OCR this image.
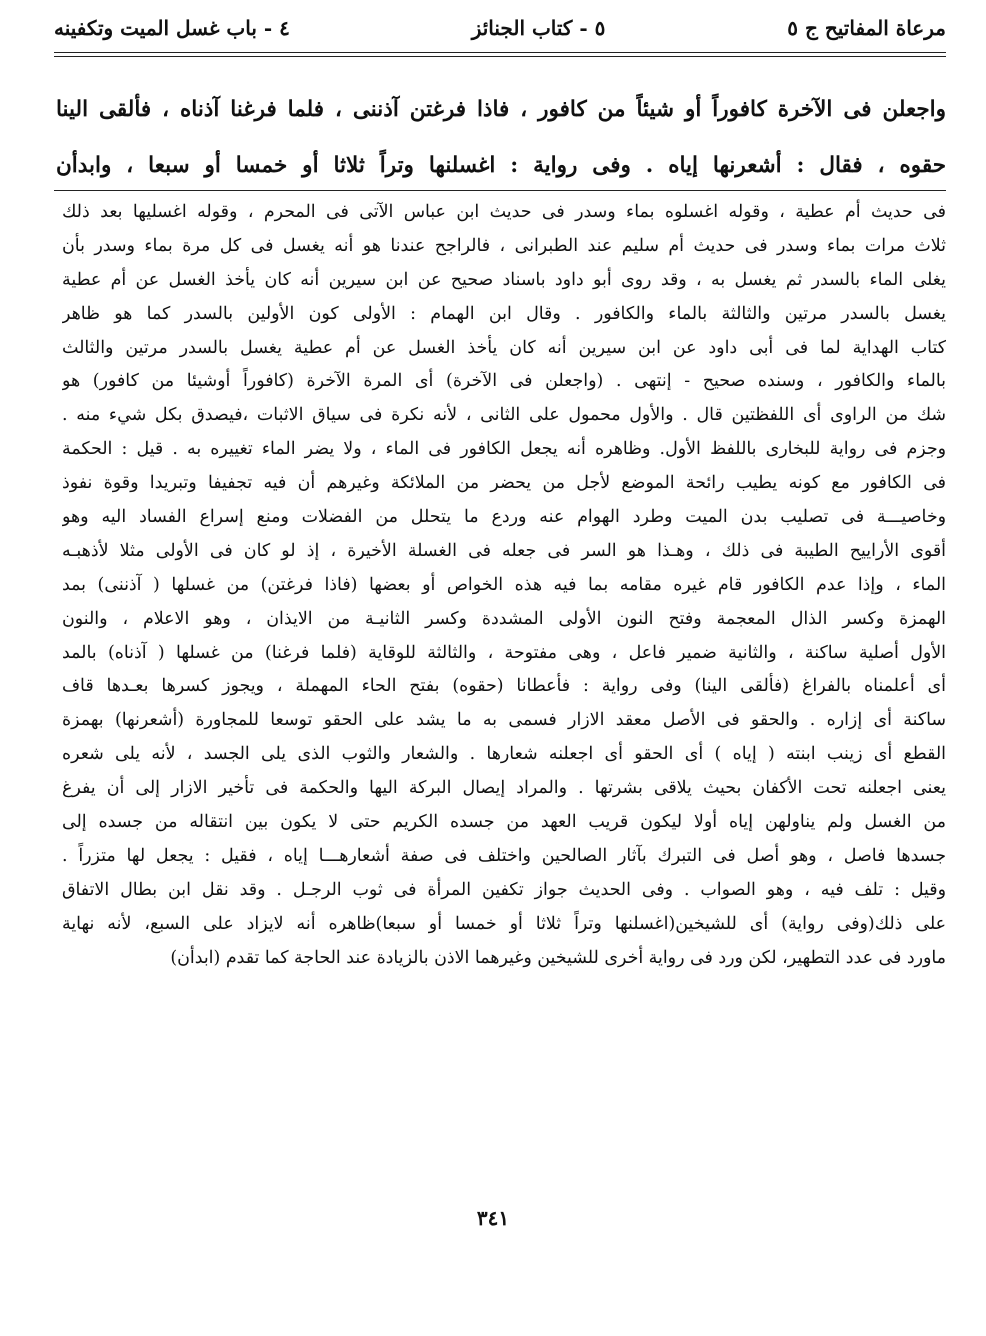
مرعاة المفاتيح ج ٥
٥ - كتاب الجنائز
٤ - باب غسل الميت وتكفينه
واجعلن فى الآخرة كافوراً أو شيئاً من كافور ، فاذا فرغتن آذننى ، فلما فرغنا آذناه ، فألقى الينا
حقوه ، فقال : أشعرنها إياه . وفى رواية : اغسلنها وتراً ثلاثا أو خمسا أو سبعا ، وابدأن
فى حديث أم عطية ، وقوله اغسلوه بماء وسدر فى حديث ابن عباس الآتى فى المحرم ، وقوله اغسليها بعد ذلك
ثلاث مرات بماء وسدر فى حديث أم سليم عند الطبرانى ، فالراجح عندنا هو أنه يغسل فى كل مرة بماء وسدر بأن
يغلى الماء بالسدر ثم يغسل به ، وقد روى أبو داود باسناد صحيح عن ابن سيرين أنه كان يأخذ الغسل عن أم عطية
يغسل بالسدر مرتين والثالثة بالماء والكافور . وقال ابن الهمام : الأولى كون الأولين بالسدر كما هو ظاهر
كتاب الهداية لما فى أبى داود عن ابن سيرين أنه كان يأخذ الغسل عن أم عطية يغسل بالسدر مرتين والثالث
بالماء والكافور ، وسنده صحيح - إنتهى . (واجعلن فى الآخرة) أى المرة الآخرة (كافوراً أوشيئا من كافور) هو
شك من الراوى أى اللفظتين قال . والأول محمول على الثانى ، لأنه نكرة فى سياق الاثبات ،فيصدق بكل شيء منه .
وجزم فى رواية للبخارى باللفظ الأول. وظاهره أنه يجعل الكافور فى الماء ، ولا يضر الماء تغييره به . قيل : الحكمة
فى الكافور مع كونه يطيب رائحة الموضع لأجل من يحضر من الملائكة وغيرهم أن فيه تجفيفا وتبريدا وقوة نفوذ
وخاصيـــة فى تصليب بدن الميت وطرد الهوام عنه وردع ما يتحلل من الفضلات ومنع إسراع الفساد اليه وهو
أقوى الأراييح الطيبة فى ذلك ، وهـذا هو السر فى جعله فى الغسلة الأخيرة ، إذ لو كان فى الأولى مثلا لأذهبـه
الماء ، وإذا عدم الكافور قام غيره مقامه بما فيه هذه الخواص أو بعضها (فاذا فرغتن) من غسلها ( آذننى) بمد
الهمزة وكسر الذال المعجمة وفتح النون الأولى المشددة وكسر الثانيـة من الايذان ، وهو الاعلام ، والنون
الأول أصلية ساكنة ، والثانية ضمير فاعل ، وهى مفتوحة ، والثالثة للوقاية (فلما فرغنا) من غسلها ( آذناه) بالمد
أى أعلمناه بالفراغ (فألقى الينا) وفى رواية : فأعطانا (حقوه) بفتح الحاء المهملة ، ويجوز كسرها بعـدها قاف
ساكنة أى إزاره . والحقو فى الأصل معقد الازار فسمى به ما يشد على الحقو توسعا للمجاورة (أشعرنها) بهمزة
القطع أى زينب ابنته ( إياه ) أى الحقو أى اجعلنه شعارها . والشعار والثوب الذى يلى الجسد ، لأنه يلى شعره
يعنى اجعلنه تحت الأكفان بحيث يلاقى بشرتها . والمراد إيصال البركة اليها والحكمة فى تأخير الازار إلى أن يفرغ
من الغسل ولم يناولهن إياه أولا ليكون قريب العهد من جسده الكريم حتى لا يكون بين انتقاله من جسده إلى
جسدها فاصل ، وهو أصل فى التبرك بآثار الصالحين واختلف فى صفة أشعارهـــا إياه ، فقيل : يجعل لها متزراً .
وقيل : تلف فيه ، وهو الصواب . وفى الحديث جواز تكفين المرأة فى ثوب الرجـل . وقد نقل ابن بطال الاتفاق
على ذلك(وفى رواية) أى للشيخين(اغسلنها وتراً ثلاثا أو خمسا أو سبعا)ظاهره أنه لايزاد على السبع، لأنه نهاية
ماورد فى عدد التطهير، لكن ورد فى رواية أخرى للشيخين وغيرهما الاذن بالزيادة عند الحاجة كما تقدم (ابدأن)
٣٤١
